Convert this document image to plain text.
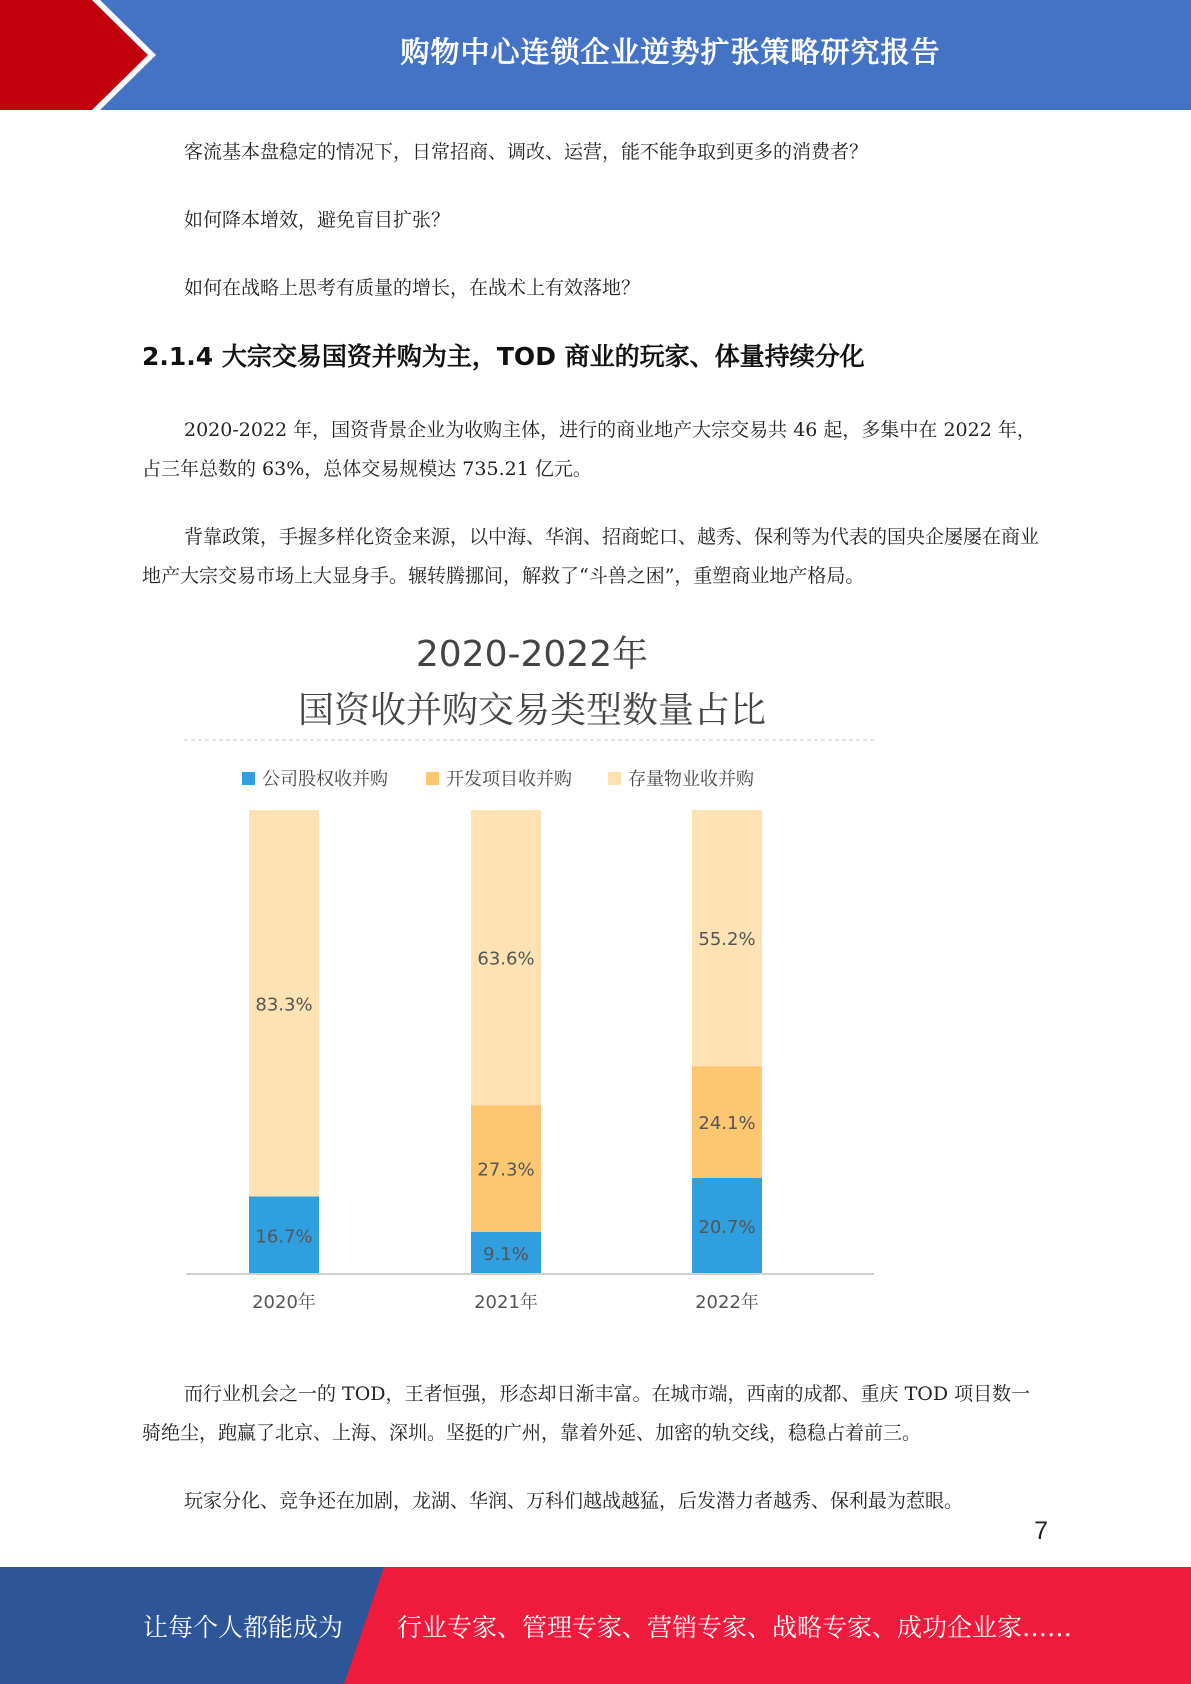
购物中心连锁企业逆势扩张策略研究报告

客流基本盘稳定的情况下，日常招商、调改、运营，能不能争取到更多的消费者？

如何降本增效，避免盲目扩张？

如何在战略上思考有质量的增长，在战术上有效落地？

2.1.4 大宗交易国资并购为主，TOD 商业的玩家、体量持续分化

2020-2022 年，国资背景企业为收购主体，进行的商业地产大宗交易共 46 起，多集中在 2022 年，占三年总数的 63%，总体交易规模达 735.21 亿元。

背靠政策，手握多样化资金来源，以中海、华润、招商蛇口、越秀、保利等为代表的国央企屡屡在商业地产大宗交易市场上大显身手。辗转腾挪间，解救了“斗兽之困”，重塑商业地产格局。

而行业机会之一的 TOD，王者恒强，形态却日渐丰富。在城市端，西南的成都、重庆 TOD 项目数一骑绝尘，跑赢了北京、上海、深圳。坚挺的广州，靠着外延、加密的轨交线，稳稳占着前三。

玩家分化、竞争还在加剧，龙湖、华润、万科们越战越猛，后发潜力者越秀、保利最为惹眼。

2020-2022年
国资收并购交易类型数量占比
公司股权收并购	开发项目收并购	存量物业收并购
16.7%
83.3%
9.1%
27.3%
63.6%
20.7%
24.1%
55.2%
2020年	2021年	2022年
7
让每个人都能成为 行业专家、管理专家、营销专家、战略专家、成功企业家……
